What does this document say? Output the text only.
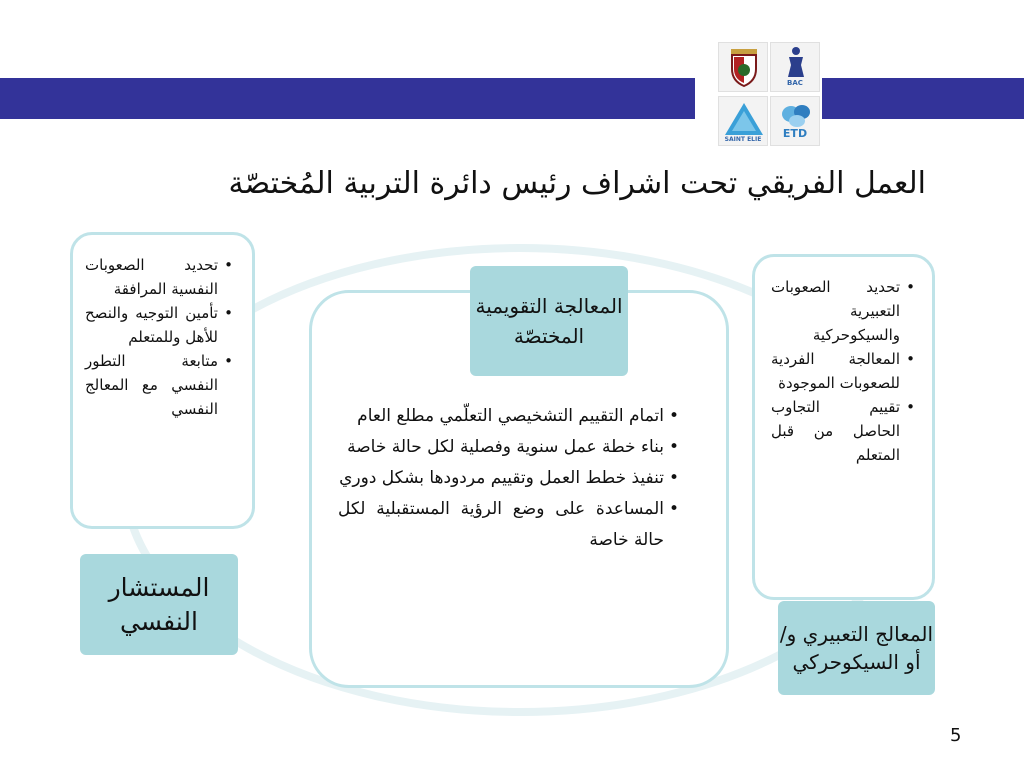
BAC
SAINT ELIE	ETD
العمل الفريقي تحت اشراف رئيس دائرة التربية المُختصّة
• تحديد الصعوبات النفسية المرافقة
• تأمين التوجيه والنصح للأهل وللمتعلم
• متابعة التطور النفسي مع المعالج النفسي
المستشار النفسي
• اتمام التقييم التشخيصي التعلّمي مطلع العام
• بناء خطة عمل سنوية وفصلية لكل حالة خاصة
• تنفيذ خطط العمل وتقييم مردودها بشكل دوري
• المساعدة على وضع الرؤية المستقبلية لكل حالة خاصة
المعالجة التقويمية المختصّة
• تحديد الصعوبات التعبيرية والسيكوحركية
• المعالجة الفردية للصعوبات الموجودة
• تقييم التجاوب الحاصل من قبل المتعلم
المعالج التعبيري و/أو السيكوحركي
5
